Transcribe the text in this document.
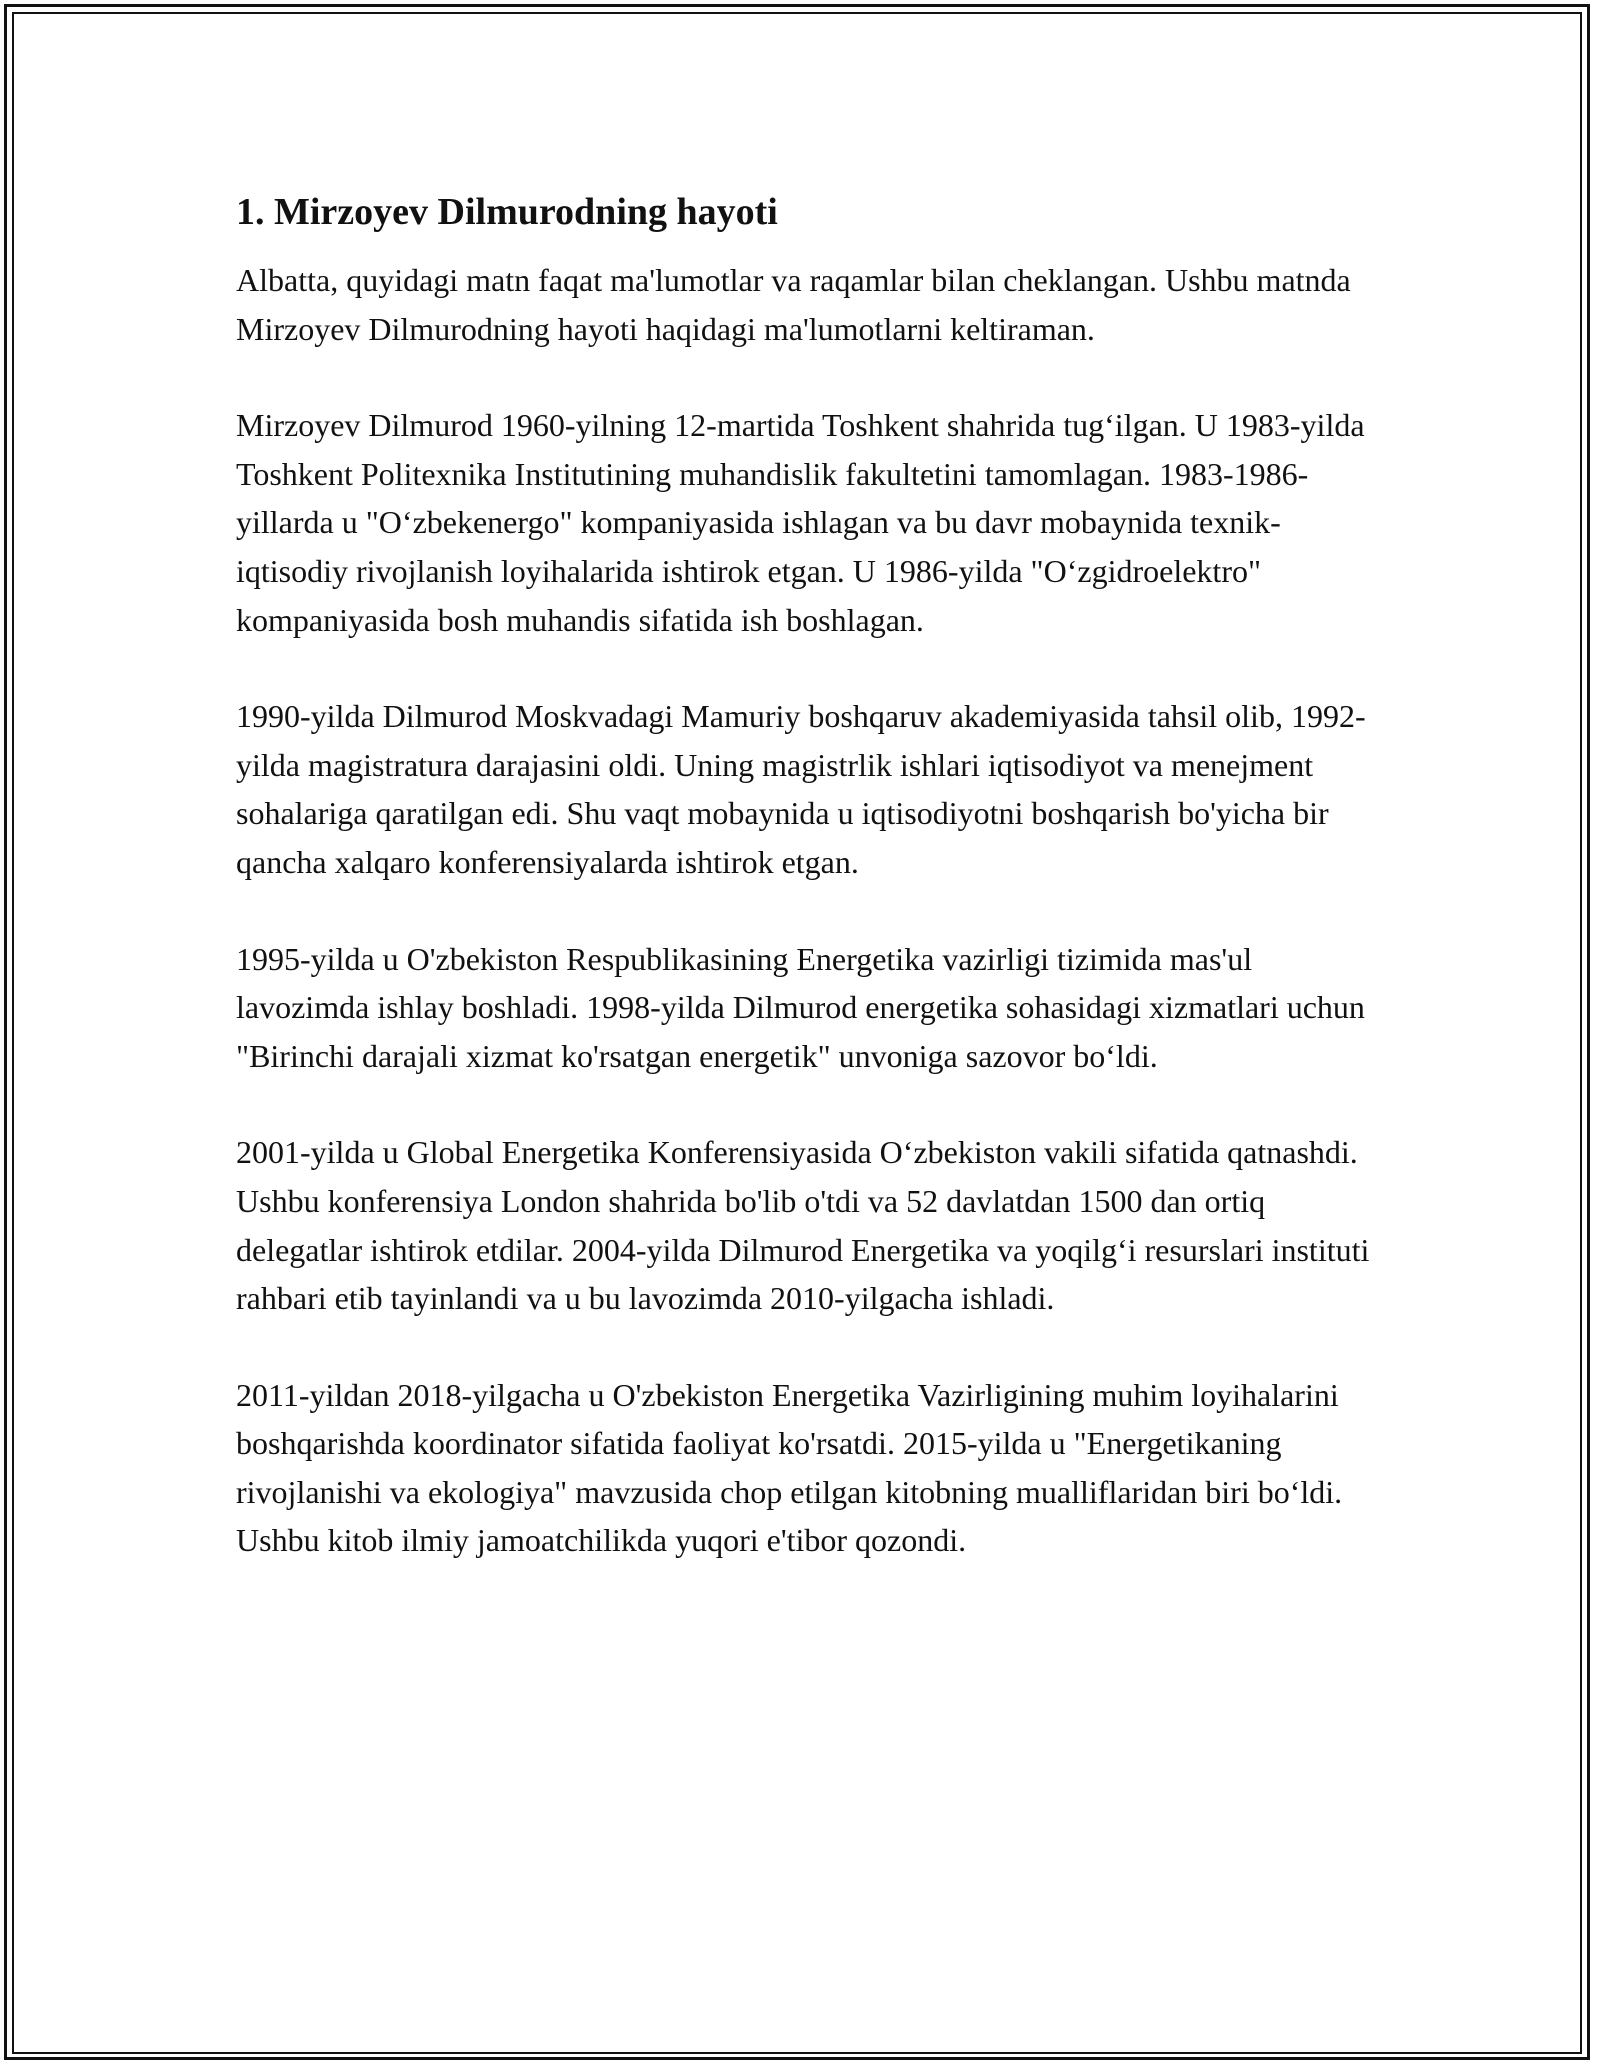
1. Mirzoyev Dilmurodning hayoti

Albatta, quyidagi matn faqat ma'lumotlar va raqamlar bilan cheklangan. Ushbu matnda Mirzoyev Dilmurodning hayoti haqidagi ma'lumotlarni keltiraman.

Mirzoyev Dilmurod 1960-yilning 12-martida Toshkent shahrida tug‘ilgan. U 1983-yilda Toshkent Politexnika Institutining muhandislik fakultetini tamomlagan. 1983-1986-yillarda u "O‘zbekenergo" kompaniyasida ishlagan va bu davr mobaynida texnik-iqtisodiy rivojlanish loyihalarida ishtirok etgan. U 1986-yilda "O‘zgidroelektro" kompaniyasida bosh muhandis sifatida ish boshlagan.

1990-yilda Dilmurod Moskvadagi Mamuriy boshqaruv akademiyasida tahsil olib, 1992-yilda magistratura darajasini oldi. Uning magistrlik ishlari iqtisodiyot va menejment sohalariga qaratilgan edi. Shu vaqt mobaynida u iqtisodiyotni boshqarish bo'yicha bir qancha xalqaro konferensiyalarda ishtirok etgan.

1995-yilda u O'zbekiston Respublikasining Energetika vazirligi tizimida mas'ul lavozimda ishlay boshladi. 1998-yilda Dilmurod energetika sohasidagi xizmatlari uchun "Birinchi darajali xizmat ko'rsatgan energetik" unvoniga sazovor bo‘ldi.

2001-yilda u Global Energetika Konferensiyasida O‘zbekiston vakili sifatida qatnashdi. Ushbu konferensiya London shahrida bo'lib o'tdi va 52 davlatdan 1500 dan ortiq delegatlar ishtirok etdilar. 2004-yilda Dilmurod Energetika va yoqilg‘i resurslari instituti rahbari etib tayinlandi va u bu lavozimda 2010-yilgacha ishladi.

2011-yildan 2018-yilgacha u O'zbekiston Energetika Vazirligining muhim loyihalarini boshqarishda koordinator sifatida faoliyat ko'rsatdi. 2015-yilda u "Energetikaning rivojlanishi va ekologiya" mavzusida chop etilgan kitobning mualliflaridan biri bo‘ldi. Ushbu kitob ilmiy jamoatchilikda yuqori e'tibor qozondi.
